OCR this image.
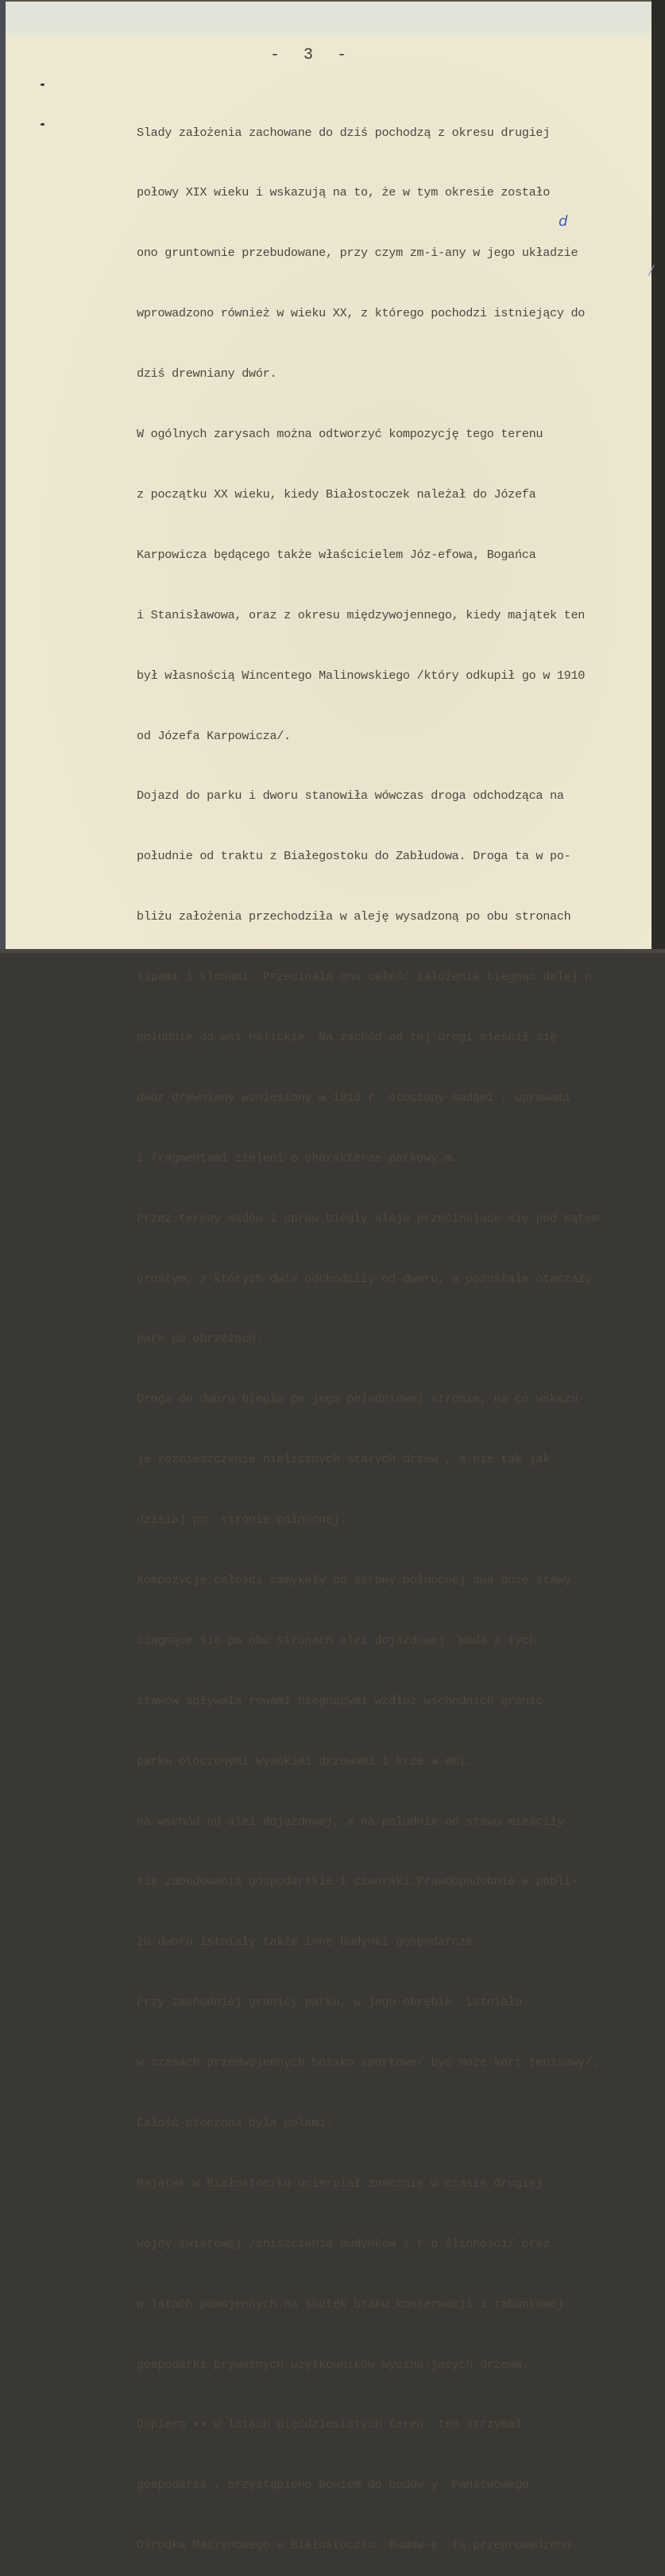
-  3  -

Slady założenia zachowane do dziś pochodzą z okresu drugiej

połowy XIX wieku i wskazują na to, że w tym okresie zostało

ono gruntownie przebudowane, przy czym zm-i-any w jego układzie

wprowadzono również w wieku XX, z którego pochodzi istniejący do

dziś drewniany dwór.

W ogólnych zarysach można odtworzyć kompozycję tego terenu

z początku XX wieku, kiedy Białostoczek należał do Józefa

Karpowicza będącego także właścicielem Józ-efowa, Bogańca

i Stanisławowa, oraz z okresu międzywojennego, kiedy majątek ten

był własnością Wincentego Malinowskiego /który odkupił go w 1910

od Józefa Karpowicza/.

Dojazd do parku i dworu stanowiła wówczas droga odchodząca na

południe od traktu z Białegostoku do Zabłudowa. Droga ta w po-

bliżu założenia przechodziła w aleję wysadzoną po obu stronach

lipami i klonami. Przecinała ona całość założenia biegnąc dalej n

południe do wsi Halickie. Na zachód od tej drogi mieścił się

dwór drewniany wzniesiony w 1910 r. otoczony sadami , uprawami

i fragmentami zieleni o charakterze parkowy_m.

Przez tereny sadów i upraw biegły aleje przecinające się pod kątem

prostym, z których dwie odchodziły od dworu, a pozostałe otaczały

park po obrzeżach.

Droga do dworu biegła po jego południowej stronie, na co wskazu-

je rozmieszczenie nielicznych starych drzew , a nie tak jak

dzisiaj po  stronie północnej.

Kompozycję całości zamykały od strony północnej dwa duże stawy

ciągnące się po obu stronach alei dojazdowej. Woda z tych

stawów spływała rowami biegnącymi wzdłuż wschodnich granic

parku otoczonymi wysokimi drzewami i krze w ami.

Na wschód od alei dojazdowej, a na południe od stawu mieściły

się zabudowania gospodarskie i czworaki.Prawdopodobnie w pobli-

żu dworu istniały także inne budynki gospodarcze.

Przy zachodniej granicy parku, w jego obrębie  istniało

w czasach przedwojennych boisko sportowe/ być może kort tenisowy/.

Całość otoczona była polami.

Majątek w Białostoczku ucierpiał znacznie w czasie drugiej

wojny światowej /zniszczenia budynków i r o ślinności/ oraz

w latach powojennych na skutek braku konserwacji i rabunkowej

gospodarki prywatnych użytkowników wycina-jących drzewa.

Dopiero ▪▪ w latach pięćdziesiątych teren  ten otrzymał

gospodarza , przystąpiono bowiem do budow-y  Państwowego

Ośrodka Maszynowego w Białostoczku. Budow-ę  tą przeprowadzono

d
/
